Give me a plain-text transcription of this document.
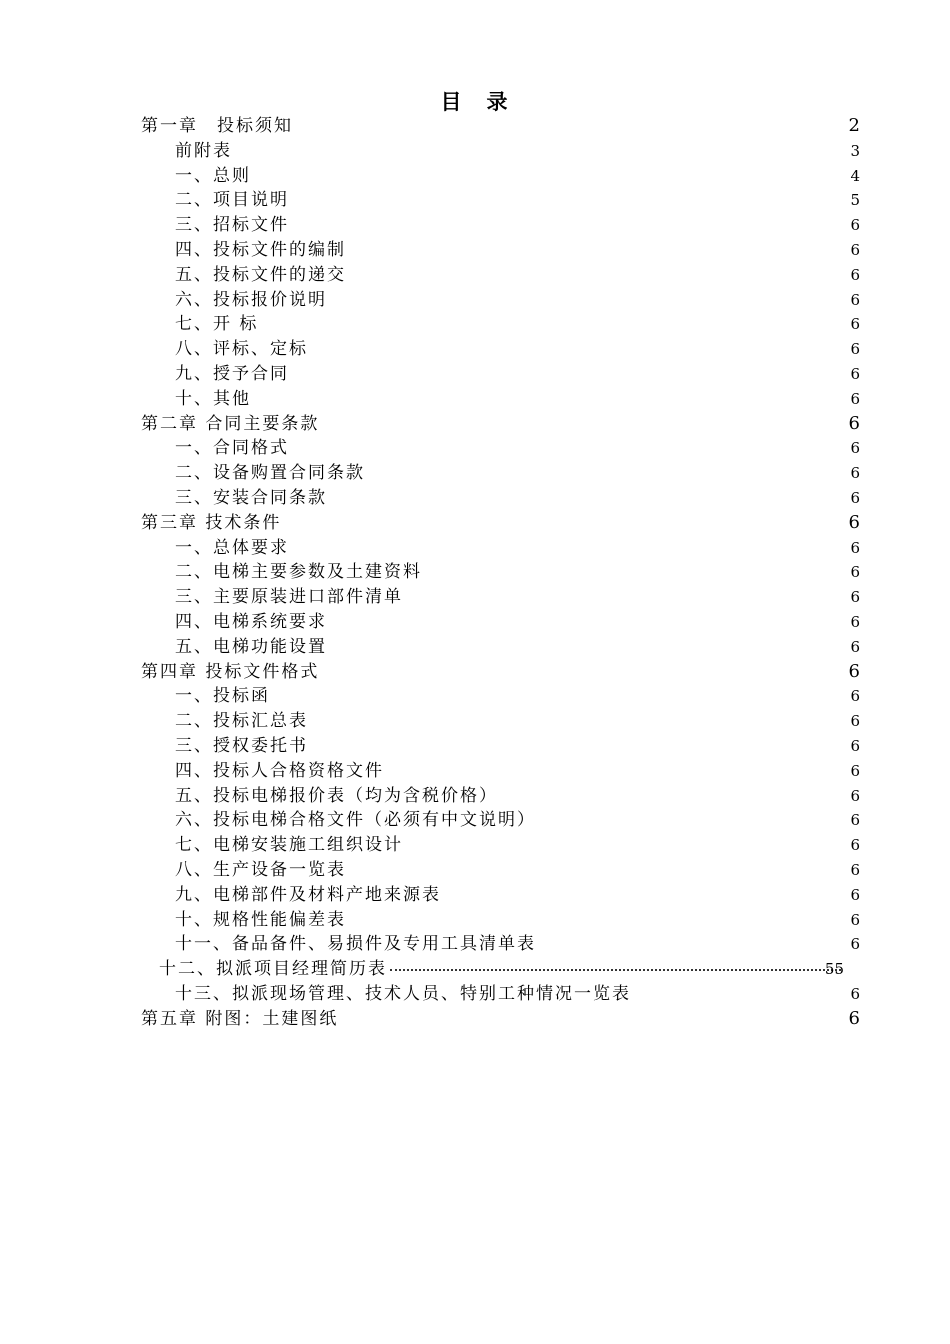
目　录
第一章　投标须知	2
前附表	3
一、总则	4
二、项目说明	5
三、招标文件	6
四、投标文件的编制	6
五、投标文件的递交	6
六、投标报价说明	6
七、开 标	6
八、评标、定标	6
九、授予合同	6
十、其他	6
第二章 合同主要条款	6
一、合同格式	6
二、设备购置合同条款	6
三、安装合同条款	6
第三章 技术条件	6
一、总体要求	6
二、电梯主要参数及土建资料	6
三、主要原装进口部件清单	6
四、电梯系统要求	6
五、电梯功能设置	6
第四章 投标文件格式	6
一、投标函	6
二、投标汇总表	6
三、授权委托书	6
四、投标人合格资格文件	6
五、投标电梯报价表（均为含税价格）	6
六、投标电梯合格文件（必须有中文说明）	6
七、电梯安装施工组织设计	6
八、生产设备一览表	6
九、电梯部件及材料产地来源表	6
十、规格性能偏差表	6
十一、备品备件、易损件及专用工具清单表	6
十二、拟派项目经理简历表	55
十三、拟派现场管理、技术人员、特别工种情况一览表	6
第五章 附图：土建图纸	6
